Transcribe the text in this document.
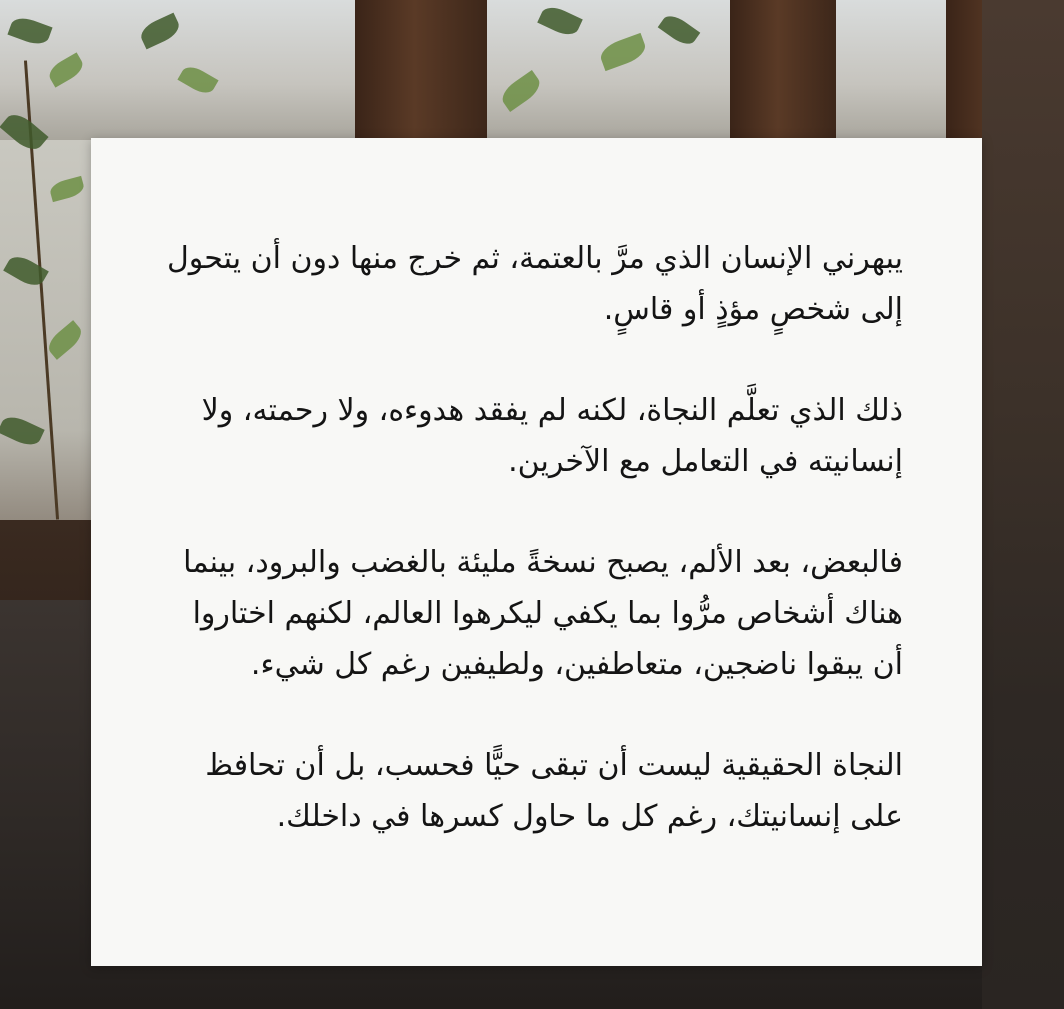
يبهرني الإنسان الذي مرَّ بالعتمة، ثم خرج منها دون أن يتحول إلى شخصٍ مؤذٍ أو قاسٍ.

ذلك الذي تعلَّم النجاة، لكنه لم يفقد هدوءه، ولا رحمته، ولا إنسانيته في التعامل مع الآخرين.

فالبعض، بعد الألم، يصبح نسخةً مليئة بالغضب والبرود، بينما هناك أشخاص مرُّوا بما يكفي ليكرهوا العالم، لكنهم اختاروا أن يبقوا ناضجين، متعاطفين، ولطيفين رغم كل شيء.

النجاة الحقيقية ليست أن تبقى حيًّا فحسب، بل أن تحافظ على إنسانيتك، رغم كل ما حاول كسرها في داخلك.
